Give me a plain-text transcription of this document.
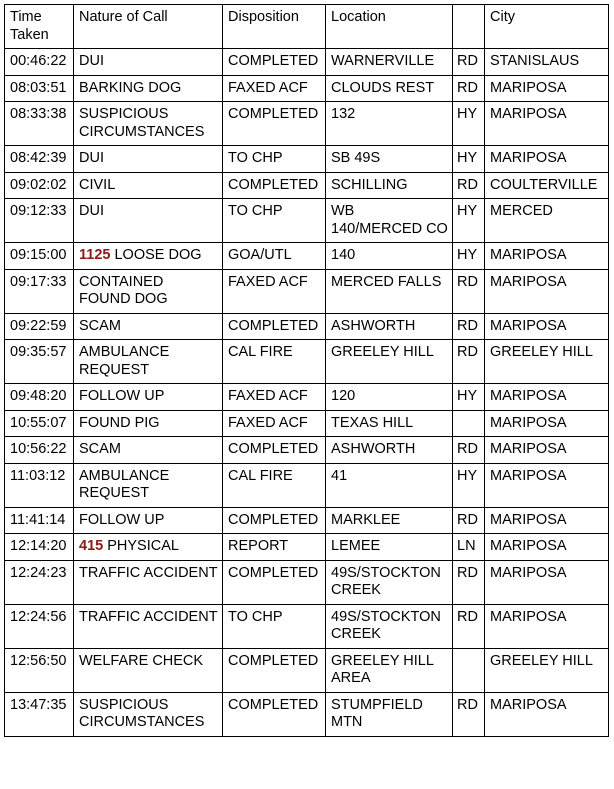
Time Taken	Nature of Call	Disposition	Location		City
00:46:22	DUI	COMPLETED	WARNERVILLE	RD	STANISLAUS
08:03:51	BARKING DOG	FAXED ACF	CLOUDS REST	RD	MARIPOSA
08:33:38	SUSPICIOUS CIRCUMSTANCES	COMPLETED	132	HY	MARIPOSA
08:42:39	DUI	TO CHP	SB 49S	HY	MARIPOSA
09:02:02	CIVIL	COMPLETED	SCHILLING	RD	COULTERVILLE
09:12:33	DUI	TO CHP	WB 140/MERCED CO	HY	MERCED
09:15:00	1125 LOOSE DOG	GOA/UTL	140	HY	MARIPOSA
09:17:33	CONTAINED FOUND DOG	FAXED ACF	MERCED FALLS	RD	MARIPOSA
09:22:59	SCAM	COMPLETED	ASHWORTH	RD	MARIPOSA
09:35:57	AMBULANCE REQUEST	CAL FIRE	GREELEY HILL	RD	GREELEY HILL
09:48:20	FOLLOW UP	FAXED ACF	120	HY	MARIPOSA
10:55:07	FOUND PIG	FAXED ACF	TEXAS HILL		MARIPOSA
10:56:22	SCAM	COMPLETED	ASHWORTH	RD	MARIPOSA
11:03:12	AMBULANCE REQUEST	CAL FIRE	41	HY	MARIPOSA
11:41:14	FOLLOW UP	COMPLETED	MARKLEE	RD	MARIPOSA
12:14:20	415 PHYSICAL	REPORT	LEMEE	LN	MARIPOSA
12:24:23	TRAFFIC ACCIDENT	COMPLETED	49S/STOCKTON CREEK	RD	MARIPOSA
12:24:56	TRAFFIC ACCIDENT	TO CHP	49S/STOCKTON CREEK	RD	MARIPOSA
12:56:50	WELFARE CHECK	COMPLETED	GREELEY HILL AREA		GREELEY HILL
13:47:35	SUSPICIOUS CIRCUMSTANCES	COMPLETED	STUMPFIELD MTN	RD	MARIPOSA
